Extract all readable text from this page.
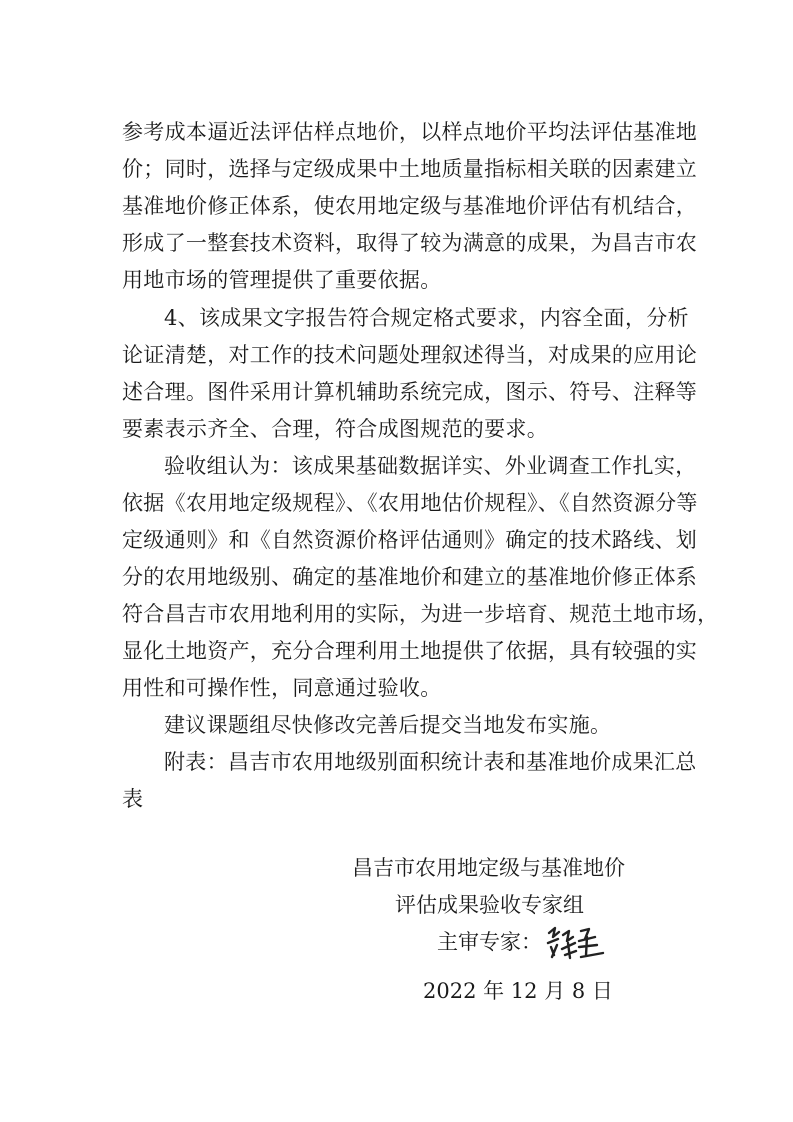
参考成本逼近法评估样点地价，以样点地价平均法评估基准地
价；同时，选择与定级成果中土地质量指标相关联的因素建立
基准地价修正体系，使农用地定级与基准地价评估有机结合，
形成了一整套技术资料，取得了较为满意的成果，为昌吉市农
用地市场的管理提供了重要依据。
4、该成果文字报告符合规定格式要求，内容全面，分析
论证清楚，对工作的技术问题处理叙述得当，对成果的应用论
述合理。图件采用计算机辅助系统完成，图示、符号、注释等
要素表示齐全、合理，符合成图规范的要求。
验收组认为：该成果基础数据详实、外业调查工作扎实，
依据《农用地定级规程》、《农用地估价规程》、《自然资源分等
定级通则》和《自然资源价格评估通则》确定的技术路线、划
分的农用地级别、确定的基准地价和建立的基准地价修正体系
符合昌吉市农用地利用的实际，为进一步培育、规范土地市场，
显化土地资产，充分合理利用土地提供了依据，具有较强的实
用性和可操作性，同意通过验收。
建议课题组尽快修改完善后提交当地发布实施。
附表：昌吉市农用地级别面积统计表和基准地价成果汇总
表
昌吉市农用地定级与基准地价
评估成果验收专家组
主审专家：
2022 年 12 月 8 日
